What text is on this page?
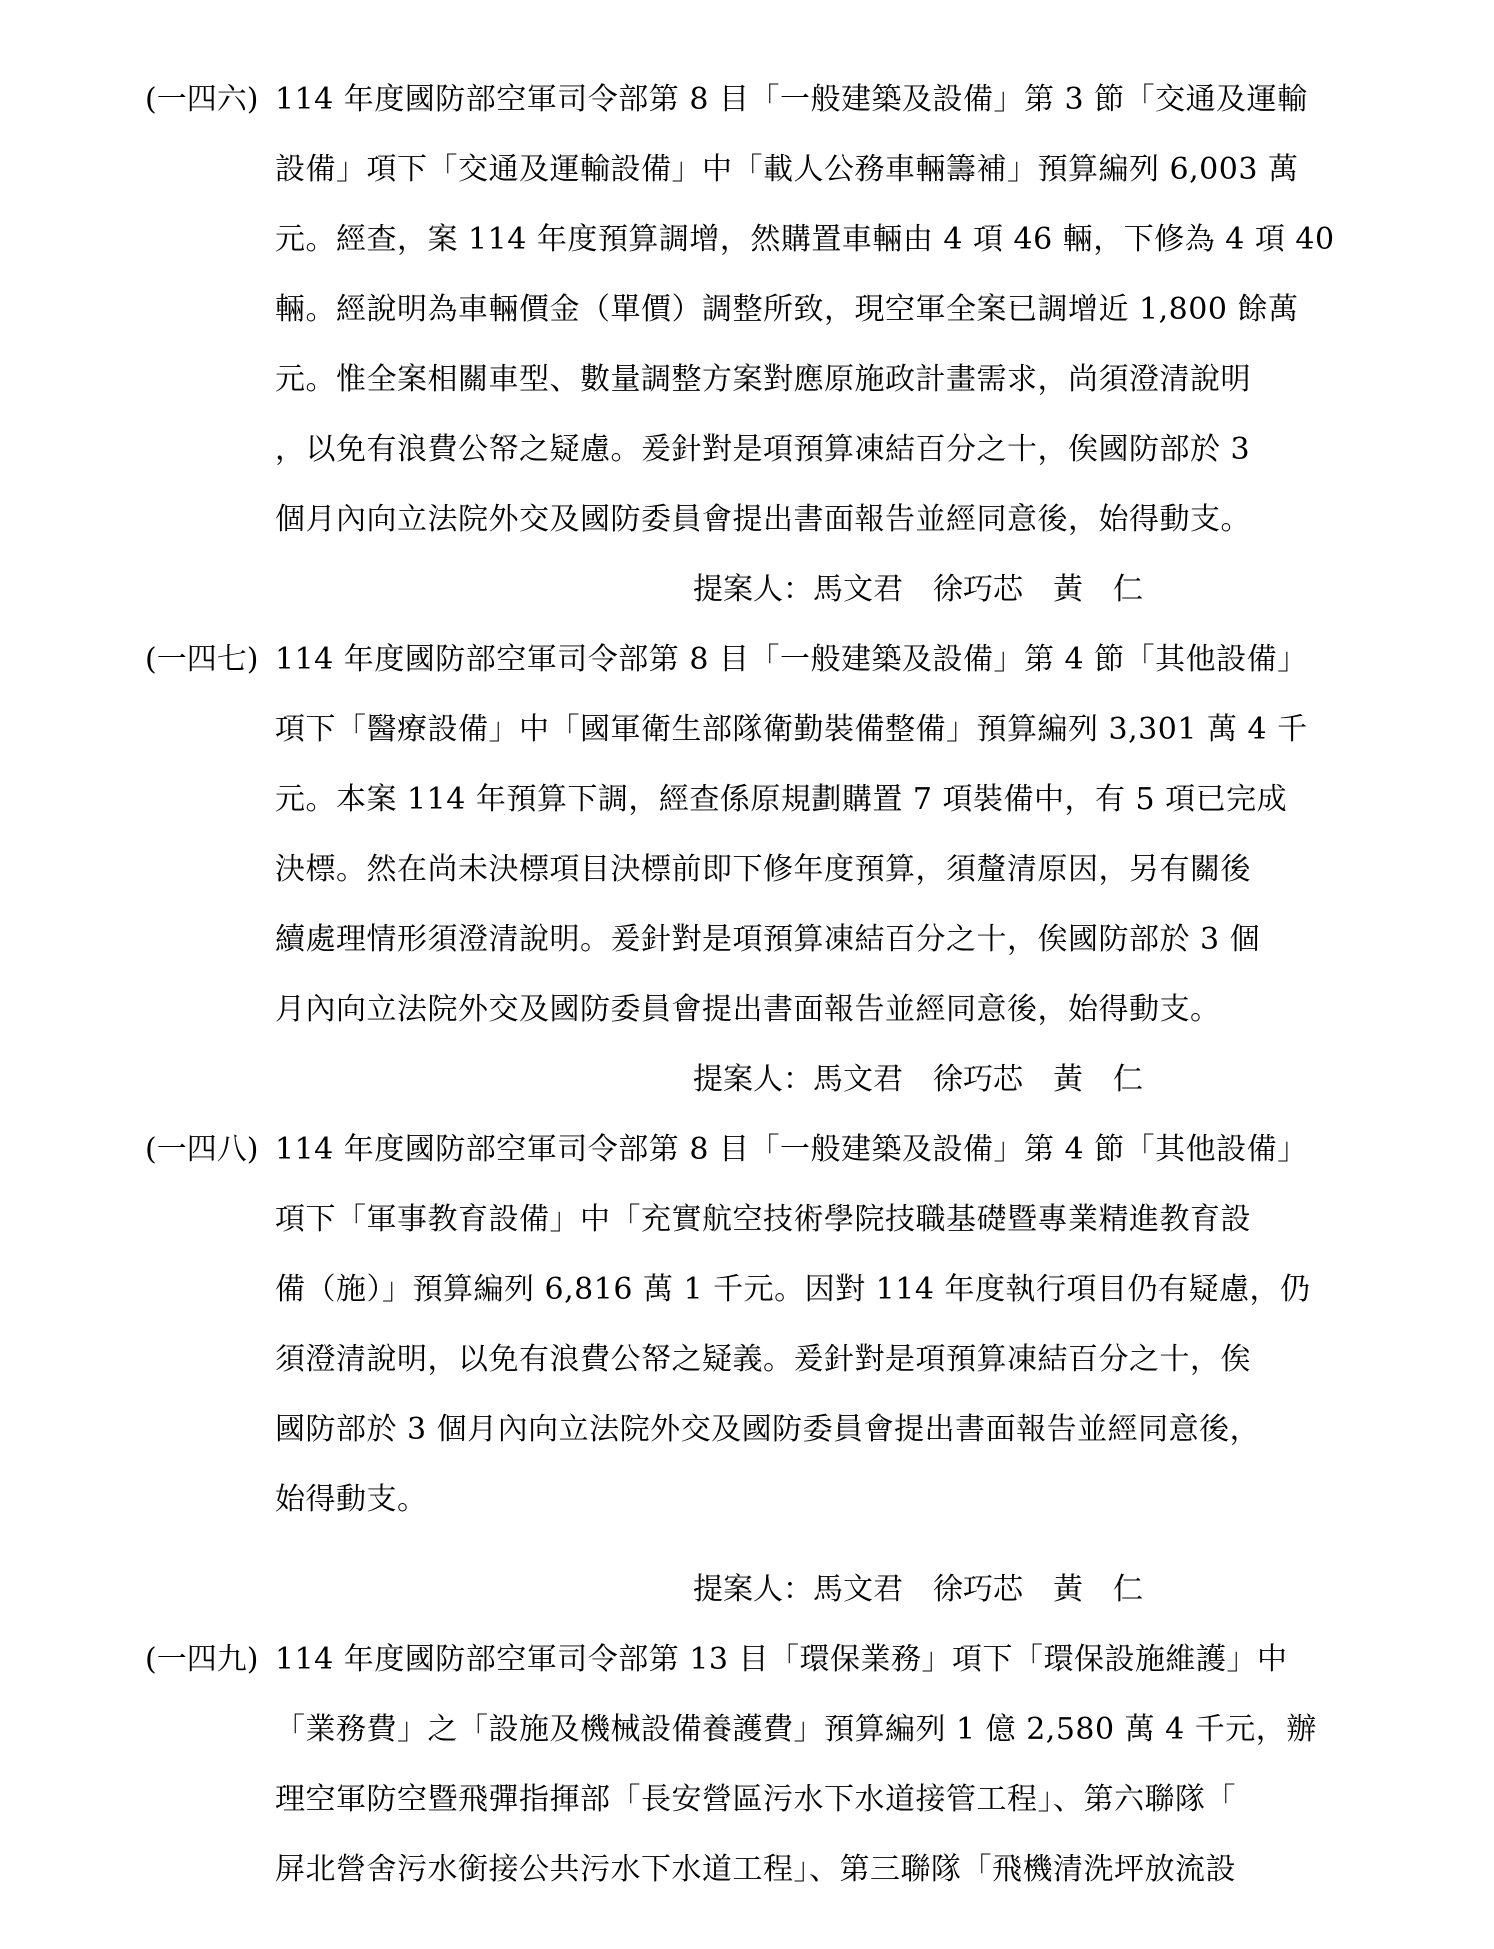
(一四六) 114 年度國防部空軍司令部第 8 目「一般建築及設備」第 3 節「交通及運輸
設備」項下「交通及運輸設備」中「載人公務車輛籌補」預算編列 6,003 萬
元。經查，案 114 年度預算調增，然購置車輛由 4 項 46 輛，下修為 4 項 40
輛。經說明為車輛價金（單價）調整所致，現空軍全案已調增近 1,800 餘萬
元。惟全案相關車型、數量調整方案對應原施政計畫需求，尚須澄清說明
，以免有浪費公帑之疑慮。爰針對是項預算凍結百分之十，俟國防部於 3
個月內向立法院外交及國防委員會提出書面報告並經同意後，始得動支。
提案人：馬文君　徐巧芯　黃　仁
(一四七) 114 年度國防部空軍司令部第 8 目「一般建築及設備」第 4 節「其他設備」
項下「醫療設備」中「國軍衛生部隊衛勤裝備整備」預算編列 3,301 萬 4 千
元。本案 114 年預算下調，經查係原規劃購置 7 項裝備中，有 5 項已完成
決標。然在尚未決標項目決標前即下修年度預算，須釐清原因，另有關後
續處理情形須澄清說明。爰針對是項預算凍結百分之十，俟國防部於 3 個
月內向立法院外交及國防委員會提出書面報告並經同意後，始得動支。
提案人：馬文君　徐巧芯　黃　仁
(一四八) 114 年度國防部空軍司令部第 8 目「一般建築及設備」第 4 節「其他設備」
項下「軍事教育設備」中「充實航空技術學院技職基礎暨專業精進教育設
備（施）」預算編列 6,816 萬 1 千元。因對 114 年度執行項目仍有疑慮，仍
須澄清說明，以免有浪費公帑之疑義。爰針對是項預算凍結百分之十，俟
國防部於 3 個月內向立法院外交及國防委員會提出書面報告並經同意後，
始得動支。
提案人：馬文君　徐巧芯　黃　仁
(一四九) 114 年度國防部空軍司令部第 13 目「環保業務」項下「環保設施維護」中
「業務費」之「設施及機械設備養護費」預算編列 1 億 2,580 萬 4 千元，辦
理空軍防空暨飛彈指揮部「長安營區污水下水道接管工程」、第六聯隊「
屏北營舍污水銜接公共污水下水道工程」、第三聯隊「飛機清洗坪放流設
